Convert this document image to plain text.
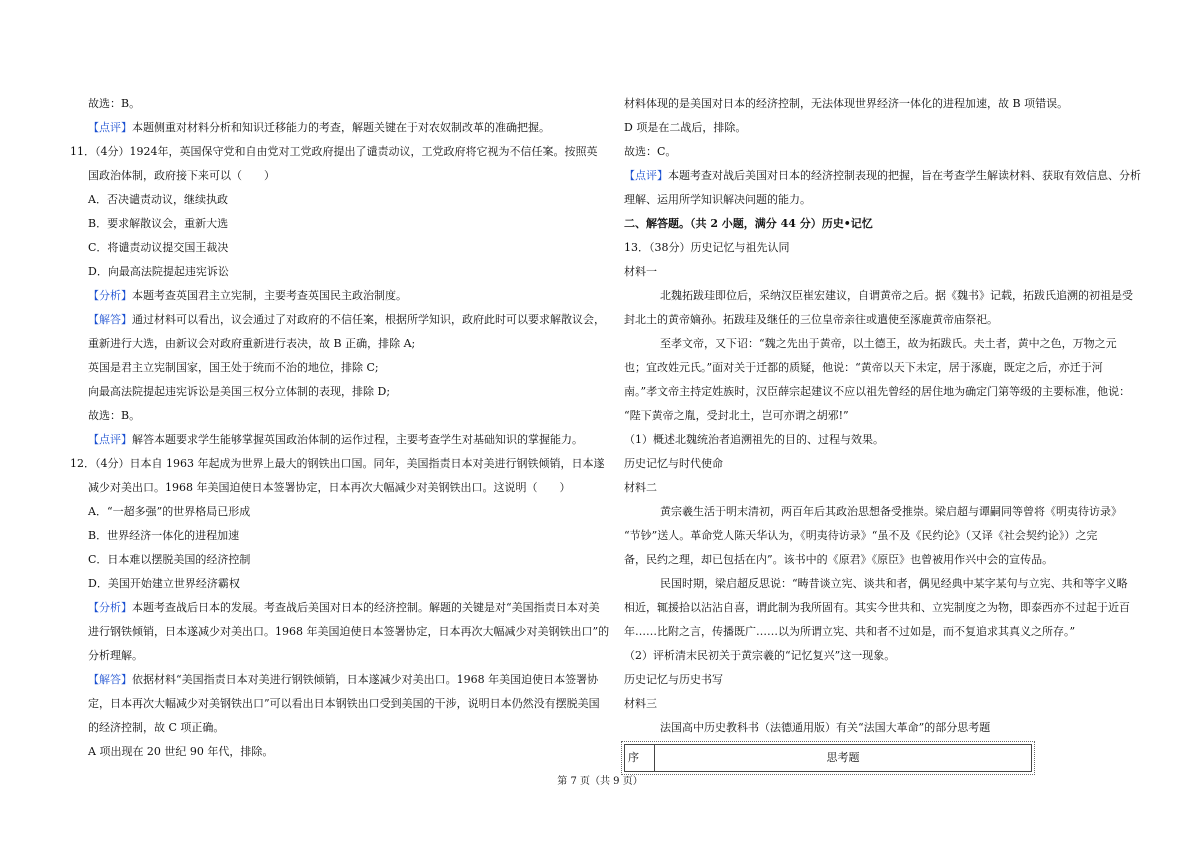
故选：B。
【点评】本题侧重对材料分析和知识迁移能力的考查，解题关键在于对农奴制改革的准确把握。
11．（4分）1924年，英国保守党和自由党对工党政府提出了谴责动议，工党政府将它视为不信任案。按照英
国政治体制，政府接下来可以（　　）
A．否决谴责动议，继续执政
B．要求解散议会，重新大选
C．将谴责动议提交国王裁决
D．向最高法院提起违宪诉讼
【分析】本题考查英国君主立宪制，主要考查英国民主政治制度。
【解答】通过材料可以看出，议会通过了对政府的不信任案，根据所学知识，政府此时可以要求解散议会，
重新进行大选，由新议会对政府重新进行表决，故 B 正确，排除 A;
英国是君主立宪制国家，国王处于统而不治的地位，排除 C;
向最高法院提起违宪诉讼是美国三权分立体制的表现，排除 D;
故选：B。
【点评】解答本题要求学生能够掌握英国政治体制的运作过程，主要考查学生对基础知识的掌握能力。
12．（4分）日本自 1963 年起成为世界上最大的钢铁出口国。同年，美国指责日本对美进行钢铁倾销，日本遂
减少对美出口。1968 年美国迫使日本签署协定，日本再次大幅减少对美钢铁出口。这说明（　　）
A．“一超多强”的世界格局已形成
B．世界经济一体化的进程加速
C．日本难以摆脱美国的经济控制
D．美国开始建立世界经济霸权
【分析】本题考查战后日本的发展。考查战后美国对日本的经济控制。解题的关键是对“美国指责日本对美
进行钢铁倾销，日本遂减少对美出口。1968 年美国迫使日本签署协定，日本再次大幅减少对美钢铁出口”的
分析理解。
【解答】依据材料“美国指责日本对美进行钢铁倾销，日本遂减少对美出口。1968 年美国迫使日本签署协
定，日本再次大幅减少对美钢铁出口”可以看出日本钢铁出口受到美国的干涉，说明日本仍然没有摆脱美国
的经济控制，故 C 项正确。
A 项出现在 20 世纪 90 年代，排除。
材料体现的是美国对日本的经济控制，无法体现世界经济一体化的进程加速，故 B 项错误。
D 项是在二战后，排除。
故选：C。
【点评】本题考查对战后美国对日本的经济控制表现的把握，旨在考查学生解读材料、获取有效信息、分析
理解、运用所学知识解决问题的能力。
二、解答题。（共 2 小题，满分 44 分）历史•记忆
13．（38分）历史记忆与祖先认同
材料一
北魏拓跋珪即位后，采纳汉臣崔宏建议，自谓黄帝之后。据《魏书》记载，拓跋氏追溯的初祖是受
封北土的黄帝嫡孙。拓跋珪及继任的三位皇帝亲往或遣使至涿鹿黄帝庙祭祀。
至孝文帝，又下诏：“魏之先出于黄帝，以土德王，故为拓跋氏。夫土者，黄中之色，万物之元
也；宜改姓元氏。”面对关于迁都的质疑，他说：“黄帝以天下未定，居于涿鹿，既定之后，亦迁于河
南。”孝文帝主持定姓族时，汉臣薛宗起建议不应以祖先曾经的居住地为确定门第等级的主要标准，他说：
“陛下黄帝之胤，受封北土，岂可亦谓之胡邪!”
（1）概述北魏统治者追溯祖先的目的、过程与效果。
历史记忆与时代使命
材料二
黄宗羲生活于明末清初，两百年后其政治思想备受推崇。梁启超与谭嗣同等曾将《明夷待访录》
“节钞”送人。革命党人陈天华认为，《明夷待访录》“虽不及《民约论》（又译《社会契约论》）之完
备，民约之理，却已包括在内”。该书中的《原君》《原臣》也曾被用作兴中会的宣传品。
民国时期，梁启超反思说：“畴昔谈立宪、谈共和者，偶见经典中某字某句与立宪、共和等字义略
相近，辄援拾以沾沾自喜，谓此制为我所固有。其实今世共和、立宪制度之为物，即泰西亦不过起于近百
年……比附之言，传播既广……以为所谓立宪、共和者不过如是，而不复追求其真义之所存。”
（2）评析清末民初关于黄宗羲的“记忆复兴”这一现象。
历史记忆与历史书写
材料三
法国高中历史教科书（法德通用版）有关“法国大革命”的部分思考题
序	思考题
第 7 页（共 9 页）
